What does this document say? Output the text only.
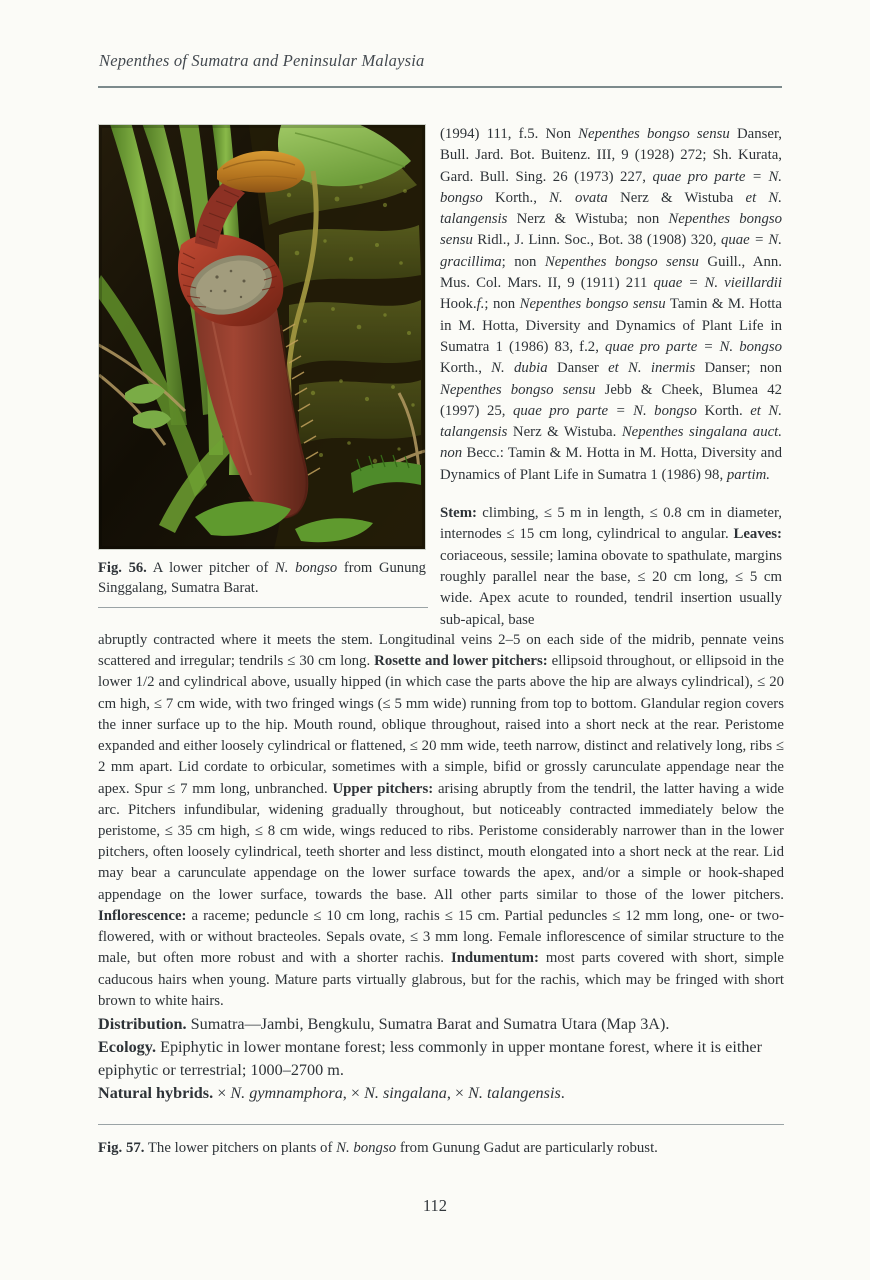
Nepenthes of Sumatra and Peninsular Malaysia
Fig. 56. A lower pitcher of N. bongso from Gunung Singgalang, Sumatra Barat.

(1994) 111, f.5. Non Nepenthes bongso sensu Danser, Bull. Jard. Bot. Buitenz. III, 9 (1928) 272; Sh. Kurata, Gard. Bull. Sing. 26 (1973) 227, quae pro parte = N. bongso Korth., N. ovata Nerz & Wistuba et N. talangensis Nerz & Wistuba; non Nepenthes bongso sensu Ridl., J. Linn. Soc., Bot. 38 (1908) 320, quae = N. gracillima; non Nepenthes bongso sensu Guill., Ann. Mus. Col. Mars. II, 9 (1911) 211 quae = N. vieillardii Hook.f.; non Nepenthes bongso sensu Tamin & M. Hotta in M. Hotta, Diversity and Dynamics of Plant Life in Sumatra 1 (1986) 83, f.2, quae pro parte = N. bongso Korth., N. dubia Danser et N. inermis Danser; non Nepenthes bongso sensu Jebb & Cheek, Blumea 42 (1997) 25, quae pro parte = N. bongso Korth. et N. talangensis Nerz & Wistuba. Nepenthes singalana auct. non Becc.: Tamin & M. Hotta in M. Hotta, Diversity and Dynamics of Plant Life in Sumatra 1 (1986) 98, partim.

Stem: climbing, ≤ 5 m in length, ≤ 0.8 cm in diameter, internodes ≤ 15 cm long, cylindrical to angular. Leaves: coriaceous, sessile; lamina obovate to spathulate, margins roughly parallel near the base, ≤ 20 cm long, ≤ 5 cm wide. Apex acute to rounded, tendril insertion usually sub-apical, base

abruptly contracted where it meets the stem. Longitudinal veins 2–5 on each side of the midrib, pennate veins scattered and irregular; tendrils ≤ 30 cm long. Rosette and lower pitchers: ellipsoid throughout, or ellipsoid in the lower 1/2 and cylindrical above, usually hipped (in which case the parts above the hip are always cylindrical), ≤ 20 cm high, ≤ 7 cm wide, with two fringed wings (≤ 5 mm wide) running from top to bottom. Glandular region covers the inner surface up to the hip. Mouth round, oblique throughout, raised into a short neck at the rear. Peristome expanded and either loosely cylindrical or flattened, ≤ 20 mm wide, teeth narrow, distinct and relatively long, ribs ≤ 2 mm apart. Lid cordate to orbicular, sometimes with a simple, bifid or grossly carunculate appendage near the apex. Spur ≤ 7 mm long, unbranched. Upper pitchers: arising abruptly from the tendril, the latter having a wide arc. Pitchers infundibular, widening gradually throughout, but noticeably contracted immediately below the peristome, ≤ 35 cm high, ≤ 8 cm wide, wings reduced to ribs. Peristome considerably narrower than in the lower pitchers, often loosely cylindrical, teeth shorter and less distinct, mouth elongated into a short neck at the rear. Lid may bear a carunculate appendage on the lower surface towards the apex, and/or a simple or hook-shaped appendage on the lower surface, towards the base. All other parts similar to those of the lower pitchers. Inflorescence: a raceme; peduncle ≤ 10 cm long, rachis ≤ 15 cm. Partial peduncles ≤ 12 mm long, one- or two-flowered, with or without bracteoles. Sepals ovate, ≤ 3 mm long. Female inflorescence of similar structure to the male, but often more robust and with a shorter rachis. Indumentum: most parts covered with short, simple caducous hairs when young. Mature parts virtually glabrous, but for the rachis, which may be fringed with short brown to white hairs.

Distribution. Sumatra—Jambi, Bengkulu, Sumatra Barat and Sumatra Utara (Map 3A).

Ecology. Epiphytic in lower montane forest; less commonly in upper montane forest, where it is either epiphytic or terrestrial; 1000–2700 m.

Natural hybrids. × N. gymnamphora, × N. singalana, × N. talangensis.

Fig. 57. The lower pitchers on plants of N. bongso from Gunung Gadut are particularly robust.
112
